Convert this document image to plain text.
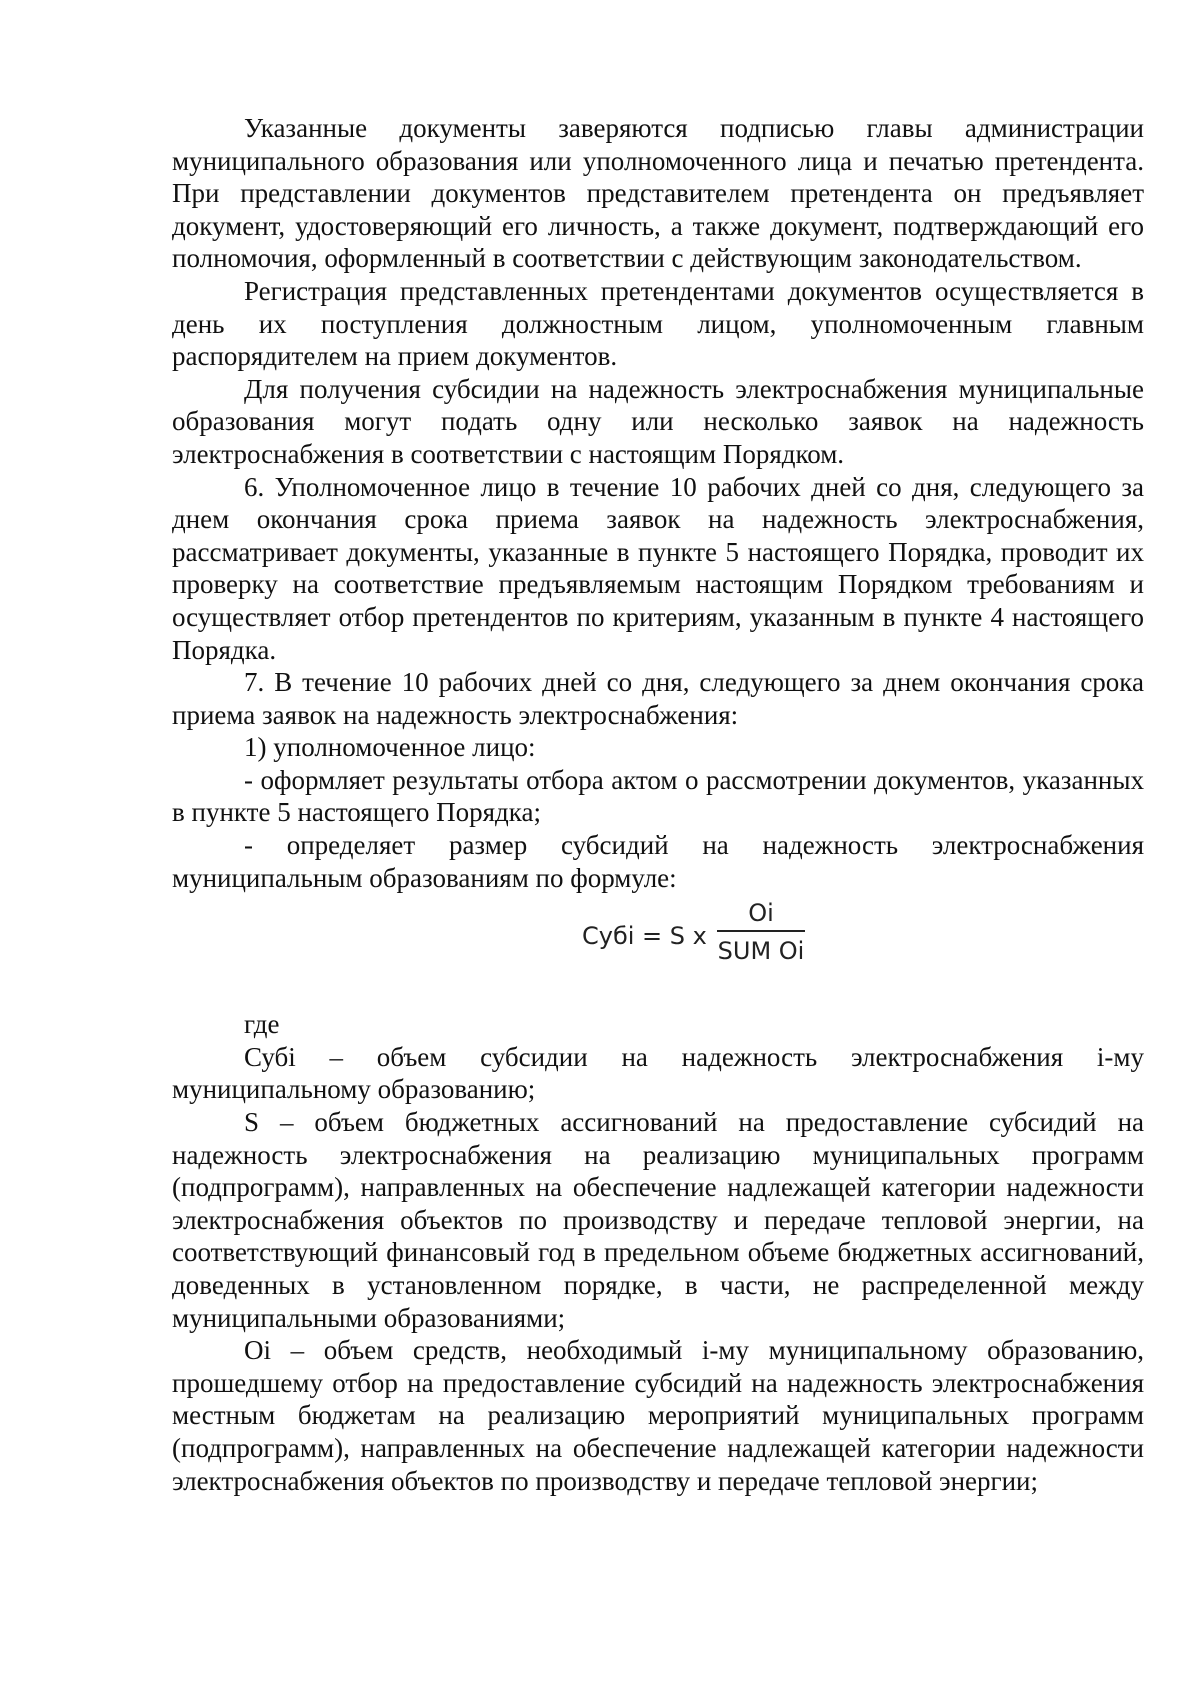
Указанные документы заверяются подписью главы администрации муниципального образования или уполномоченного лица и печатью претендента. При представлении документов представителем претендента он предъявляет документ, удостоверяющий его личность, а также документ, подтверждающий его полномочия, оформленный в соответствии с действующим законодательством.

Регистрация представленных претендентами документов осуществляется в день их поступления должностным лицом, уполномоченным главным распорядителем на прием документов.

Для получения субсидии на надежность электроснабжения муниципальные образования могут подать одну или несколько заявок на надежность электроснабжения в соответствии с настоящим Порядком.

6. Уполномоченное лицо в течение 10 рабочих дней со дня, следующего за днем окончания срока приема заявок на надежность электроснабжения, рассматривает документы, указанные в пункте 5 настоящего Порядка, проводит их проверку на соответствие предъявляемым настоящим Порядком требованиям и осуществляет отбор претендентов по критериям, указанным в пункте 4 настоящего Порядка.

7. В течение 10 рабочих дней со дня, следующего за днем окончания срока приема заявок на надежность электроснабжения:

1) уполномоченное лицо:

- оформляет результаты отбора актом о рассмотрении документов, указанных в пункте 5 настоящего Порядка;

- определяет размер субсидий на надежность электроснабжения муниципальным образованиям по формуле:

Субi = S x
Oi
SUM Oi

где

Субi – объем субсидии на надежность электроснабжения i-му муниципальному образованию;

S – объем бюджетных ассигнований на предоставление субсидий на надежность электроснабжения на реализацию муниципальных программ (подпрограмм), направленных на обеспечение надлежащей категории надежности электроснабжения объектов по производству и передаче тепловой энергии, на соответствующий финансовый год в предельном объеме бюджетных ассигнований, доведенных в установленном порядке, в части, не распределенной между муниципальными образованиями;

Oi – объем средств, необходимый i-му муниципальному образованию, прошедшему отбор на предоставление субсидий на надежность электроснабжения местным бюджетам на реализацию мероприятий муниципальных программ (подпрограмм), направленных на обеспечение надлежащей категории надежности электроснабжения объектов по производству и передаче тепловой энергии;
